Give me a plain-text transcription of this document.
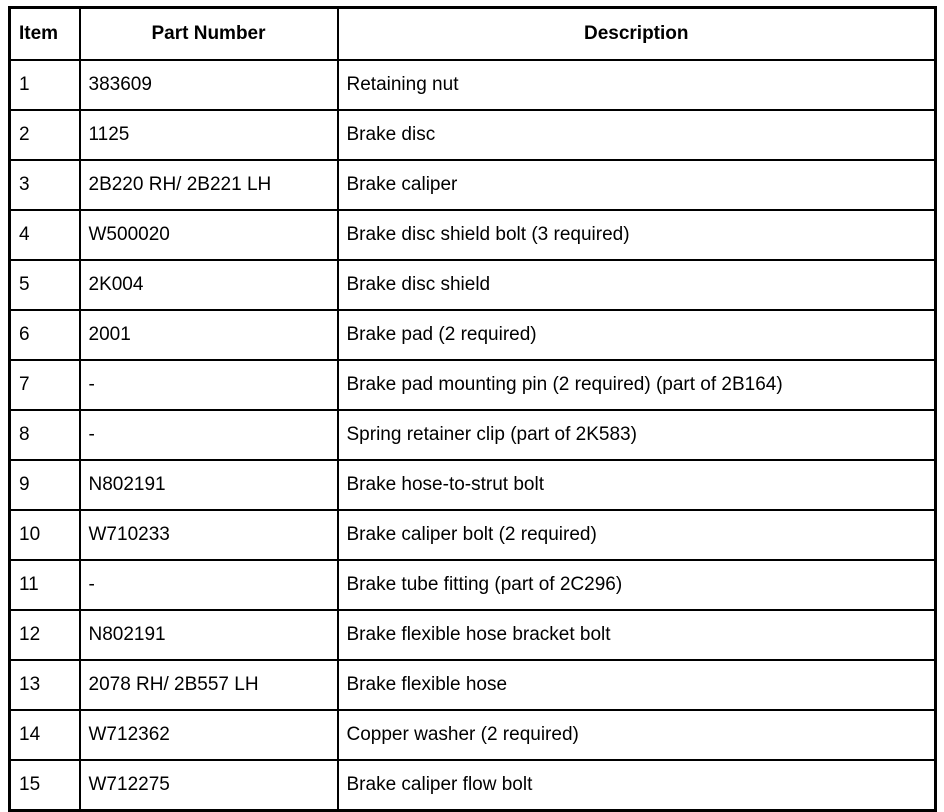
Item	Part Number	Description
1	383609	Retaining nut
2	1125	Brake disc
3	2B220 RH/ 2B221 LH	Brake caliper
4	W500020	Brake disc shield bolt (3 required)
5	2K004	Brake disc shield
6	2001	Brake pad (2 required)
7	-	Brake pad mounting pin (2 required) (part of 2B164)
8	-	Spring retainer clip (part of 2K583)
9	N802191	Brake hose-to-strut bolt
10	W710233	Brake caliper bolt (2 required)
11	-	Brake tube fitting (part of 2C296)
12	N802191	Brake flexible hose bracket bolt
13	2078 RH/ 2B557 LH	Brake flexible hose
14	W712362	Copper washer (2 required)
15	W712275	Brake caliper flow bolt
